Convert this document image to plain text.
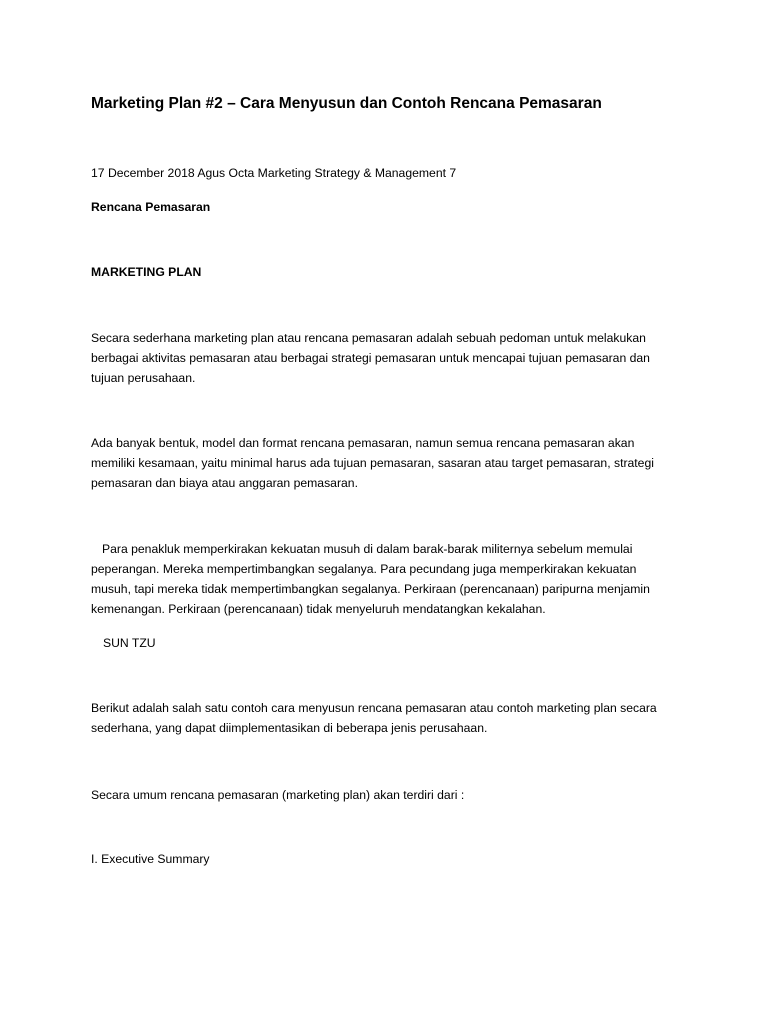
Marketing Plan #2 – Cara Menyusun dan Contoh Rencana Pemasaran
17 December 2018 Agus Octa Marketing Strategy & Management 7
Rencana Pemasaran
MARKETING PLAN
Secara sederhana marketing plan atau rencana pemasaran adalah sebuah pedoman untuk melakukan
berbagai aktivitas pemasaran atau berbagai strategi pemasaran untuk mencapai tujuan pemasaran dan
tujuan perusahaan.
Ada banyak bentuk, model dan format rencana pemasaran, namun semua rencana pemasaran akan
memiliki kesamaan, yaitu minimal harus ada tujuan pemasaran, sasaran atau target pemasaran, strategi
pemasaran dan biaya atau anggaran pemasaran.
Para penakluk memperkirakan kekuatan musuh di dalam barak-barak militernya sebelum memulai
peperangan. Mereka mempertimbangkan segalanya. Para pecundang juga memperkirakan kekuatan
musuh, tapi mereka tidak mempertimbangkan segalanya. Perkiraan (perencanaan) paripurna menjamin
kemenangan. Perkiraan (perencanaan) tidak menyeluruh mendatangkan kekalahan.
SUN TZU
Berikut adalah salah satu contoh cara menyusun rencana pemasaran atau contoh marketing plan secara
sederhana, yang dapat diimplementasikan di beberapa jenis perusahaan.
Secara umum rencana pemasaran (marketing plan) akan terdiri dari :
I. Executive Summary
